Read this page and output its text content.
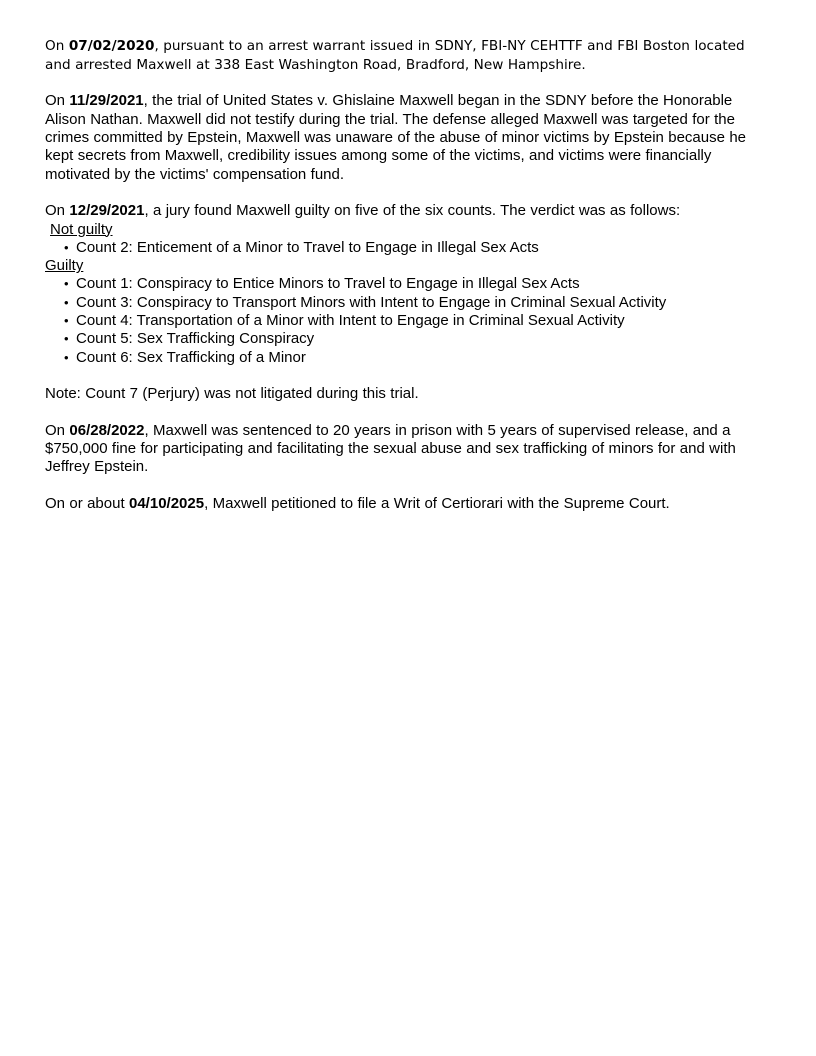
On 07/02/2020, pursuant to an arrest warrant issued in SDNY, FBI-NY CEHTTF and FBI Boston located and arrested Maxwell at 338 East Washington Road, Bradford, New Hampshire.

On 11/29/2021, the trial of United States v. Ghislaine Maxwell began in the SDNY before the Honorable Alison Nathan. Maxwell did not testify during the trial. The defense alleged Maxwell was targeted for the crimes committed by Epstein, Maxwell was unaware of the abuse of minor victims by Epstein because he kept secrets from Maxwell, credibility issues among some of the victims, and victims were financially motivated by the victims' compensation fund.

On 12/29/2021, a jury found Maxwell guilty on five of the six counts. The verdict was as follows:

Not guilty
• Count 2: Enticement of a Minor to Travel to Engage in Illegal Sex Acts
Guilty
• Count 1: Conspiracy to Entice Minors to Travel to Engage in Illegal Sex Acts
• Count 3: Conspiracy to Transport Minors with Intent to Engage in Criminal Sexual Activity
• Count 4: Transportation of a Minor with Intent to Engage in Criminal Sexual Activity
• Count 5: Sex Trafficking Conspiracy
• Count 6: Sex Trafficking of a Minor

Note: Count 7 (Perjury) was not litigated during this trial.

On 06/28/2022, Maxwell was sentenced to 20 years in prison with 5 years of supervised release, and a $750,000 fine for participating and facilitating the sexual abuse and sex trafficking of minors for and with Jeffrey Epstein.

On or about 04/10/2025, Maxwell petitioned to file a Writ of Certiorari with the Supreme Court.
